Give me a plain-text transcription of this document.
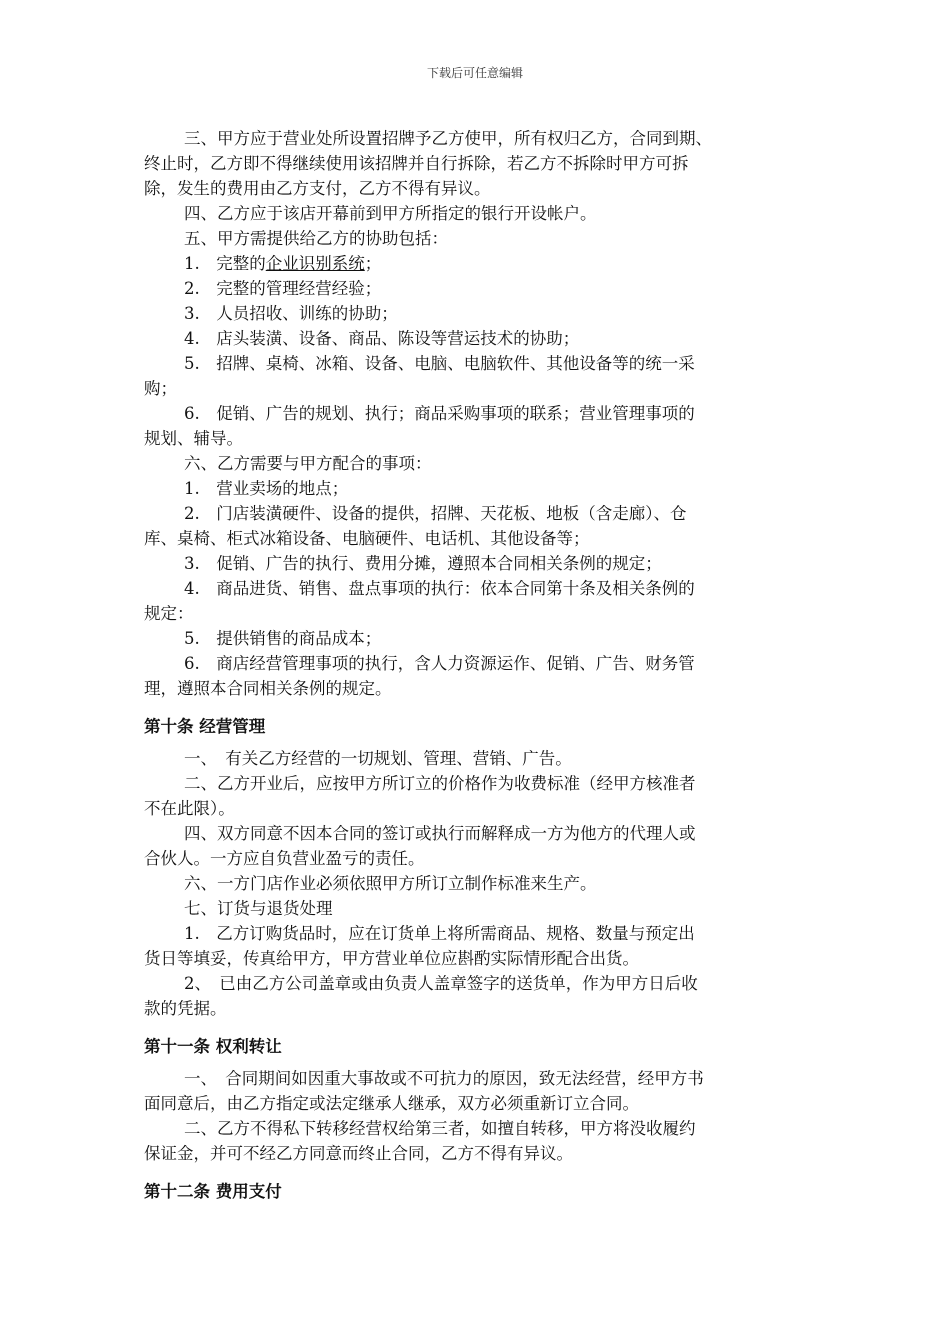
下载后可任意编辑

三、甲方应于营业处所设置招牌予乙方使甲，所有权归乙方，合同到期、

终止时，乙方即不得继续使用该招牌并自行拆除，若乙方不拆除时甲方可拆

除，发生的费用由乙方支付，乙方不得有异议。

四、乙方应于该店开幕前到甲方所指定的银行开设帐户。

五、甲方需提供给乙方的协助包括：

1.　完整的企业识别系统；

2.　完整的管理经营经验；

3.　人员招收、训练的协助；

4.　店头装潢、设备、商品、陈设等营运技术的协助；

5.　招牌、桌椅、冰箱、设备、电脑、电脑软件、其他设备等的统一采

购；

6.　促销、广告的规划、执行；商品采购事项的联系；营业管理事项的

规划、辅导。

六、乙方需要与甲方配合的事项：

1.　营业卖场的地点；

2.　门店装潢硬件、设备的提供，招牌、天花板、地板（含走廊）、仓

库、桌椅、柜式冰箱设备、电脑硬件、电话机、其他设备等；

3.　促销、广告的执行、费用分摊，遵照本合同相关条例的规定；

4.　商品进货、销售、盘点事项的执行：依本合同第十条及相关条例的

规定：

5.　提供销售的商品成本；

6.　商店经营管理事项的执行，含人力资源运作、促销、广告、财务管

理，遵照本合同相关条例的规定。

第十条 经营管理

一、　有关乙方经营的一切规划、管理、营销、广告。

二、乙方开业后，应按甲方所订立的价格作为收费标准（经甲方核准者

不在此限）。

四、双方同意不因本合同的签订或执行而解释成一方为他方的代理人或

合伙人。一方应自负营业盈亏的责任。

六、一方门店作业必须依照甲方所订立制作标准来生产。

七、订货与退货处理

1.　乙方订购货品时，应在订货单上将所需商品、规格、数量与预定出

货日等填妥，传真给甲方，甲方营业单位应斟酌实际情形配合出货。

2、　已由乙方公司盖章或由负责人盖章签字的送货单，作为甲方日后收

款的凭据。

第十一条 权利转让

一、　合同期间如因重大事故或不可抗力的原因，致无法经营，经甲方书

面同意后，由乙方指定或法定继承人继承，双方必须重新订立合同。

二、乙方不得私下转移经营权给第三者，如擅自转移，甲方将没收履约

保证金，并可不经乙方同意而终止合同，乙方不得有异议。

第十二条 费用支付
